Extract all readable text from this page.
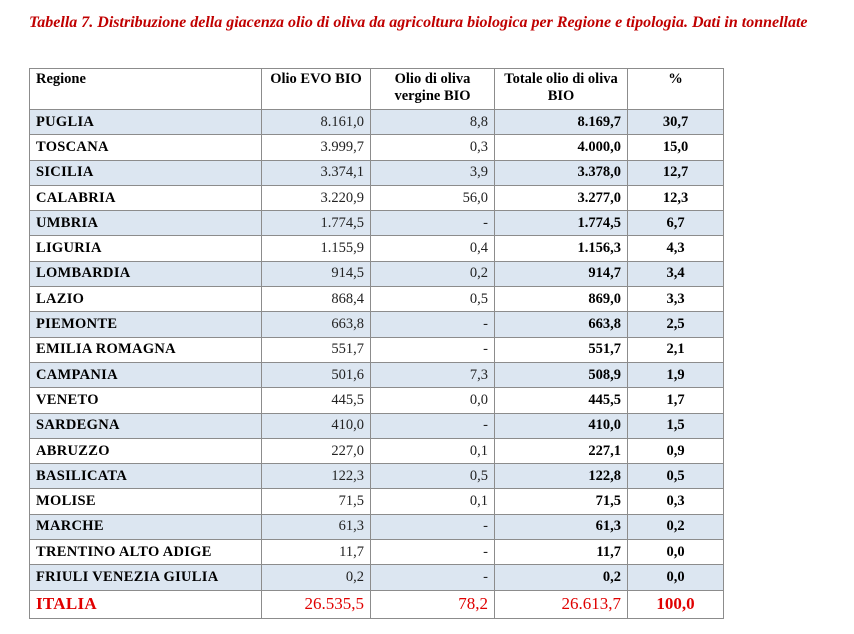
Tabella 7. Distribuzione della giacenza olio di oliva da agricoltura biologica per Regione e tipologia. Dati in tonnellate

Regione	Olio EVO BIO	Olio di oliva vergine BIO	Totale olio di oliva BIO	%
PUGLIA	8.161,0	8,8	8.169,7	30,7
TOSCANA	3.999,7	0,3	4.000,0	15,0
SICILIA	3.374,1	3,9	3.378,0	12,7
CALABRIA	3.220,9	56,0	3.277,0	12,3
UMBRIA	1.774,5	-	1.774,5	6,7
LIGURIA	1.155,9	0,4	1.156,3	4,3
LOMBARDIA	914,5	0,2	914,7	3,4
LAZIO	868,4	0,5	869,0	3,3
PIEMONTE	663,8	-	663,8	2,5
EMILIA ROMAGNA	551,7	-	551,7	2,1
CAMPANIA	501,6	7,3	508,9	1,9
VENETO	445,5	0,0	445,5	1,7
SARDEGNA	410,0	-	410,0	1,5
ABRUZZO	227,0	0,1	227,1	0,9
BASILICATA	122,3	0,5	122,8	0,5
MOLISE	71,5	0,1	71,5	0,3
MARCHE	61,3	-	61,3	0,2
TRENTINO ALTO ADIGE	11,7	-	11,7	0,0
FRIULI VENEZIA GIULIA	0,2	-	0,2	0,0
ITALIA	26.535,5	78,2	26.613,7	100,0
